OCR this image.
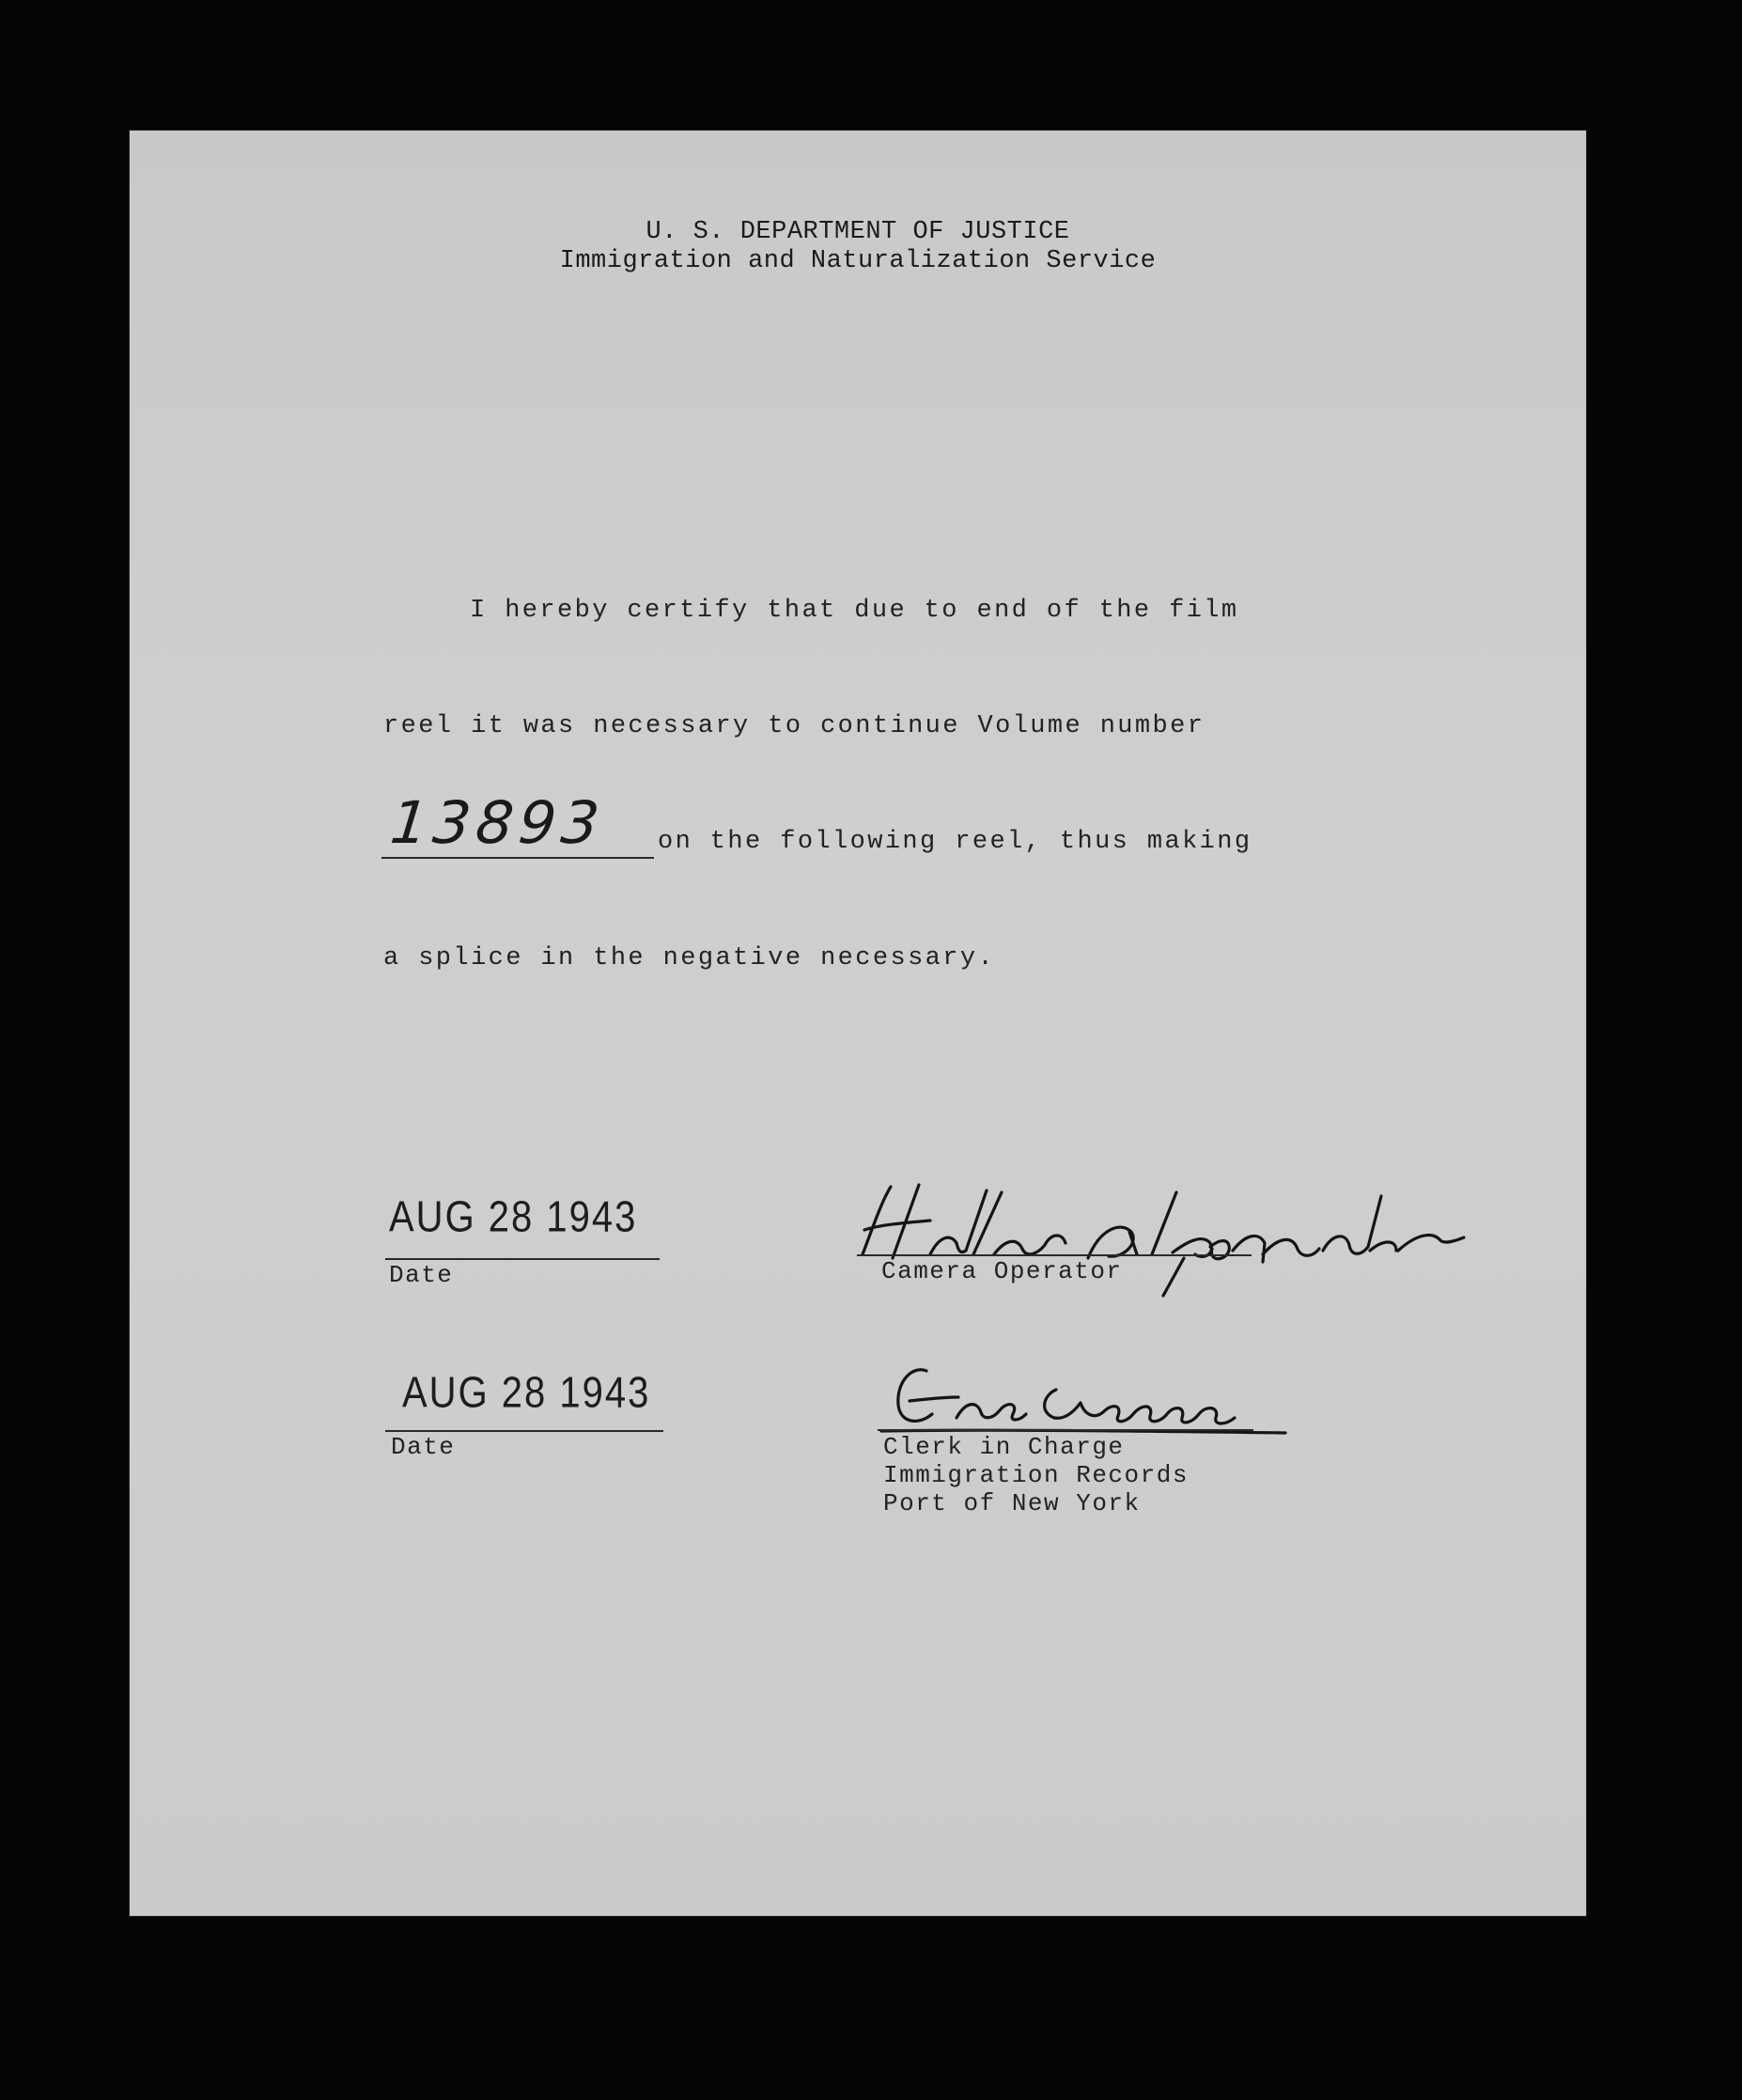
U. S. DEPARTMENT OF JUSTICE
Immigration and Naturalization Service
I hereby certify that due to end of the film
reel it was necessary to continue Volume number
13893 on the following reel, thus making
a splice in the negative necessary.
AUG 28 1943
Date	Camera Operator
AUG 28 1943
Date	Clerk in Charge
Immigration Records
Port of New York
